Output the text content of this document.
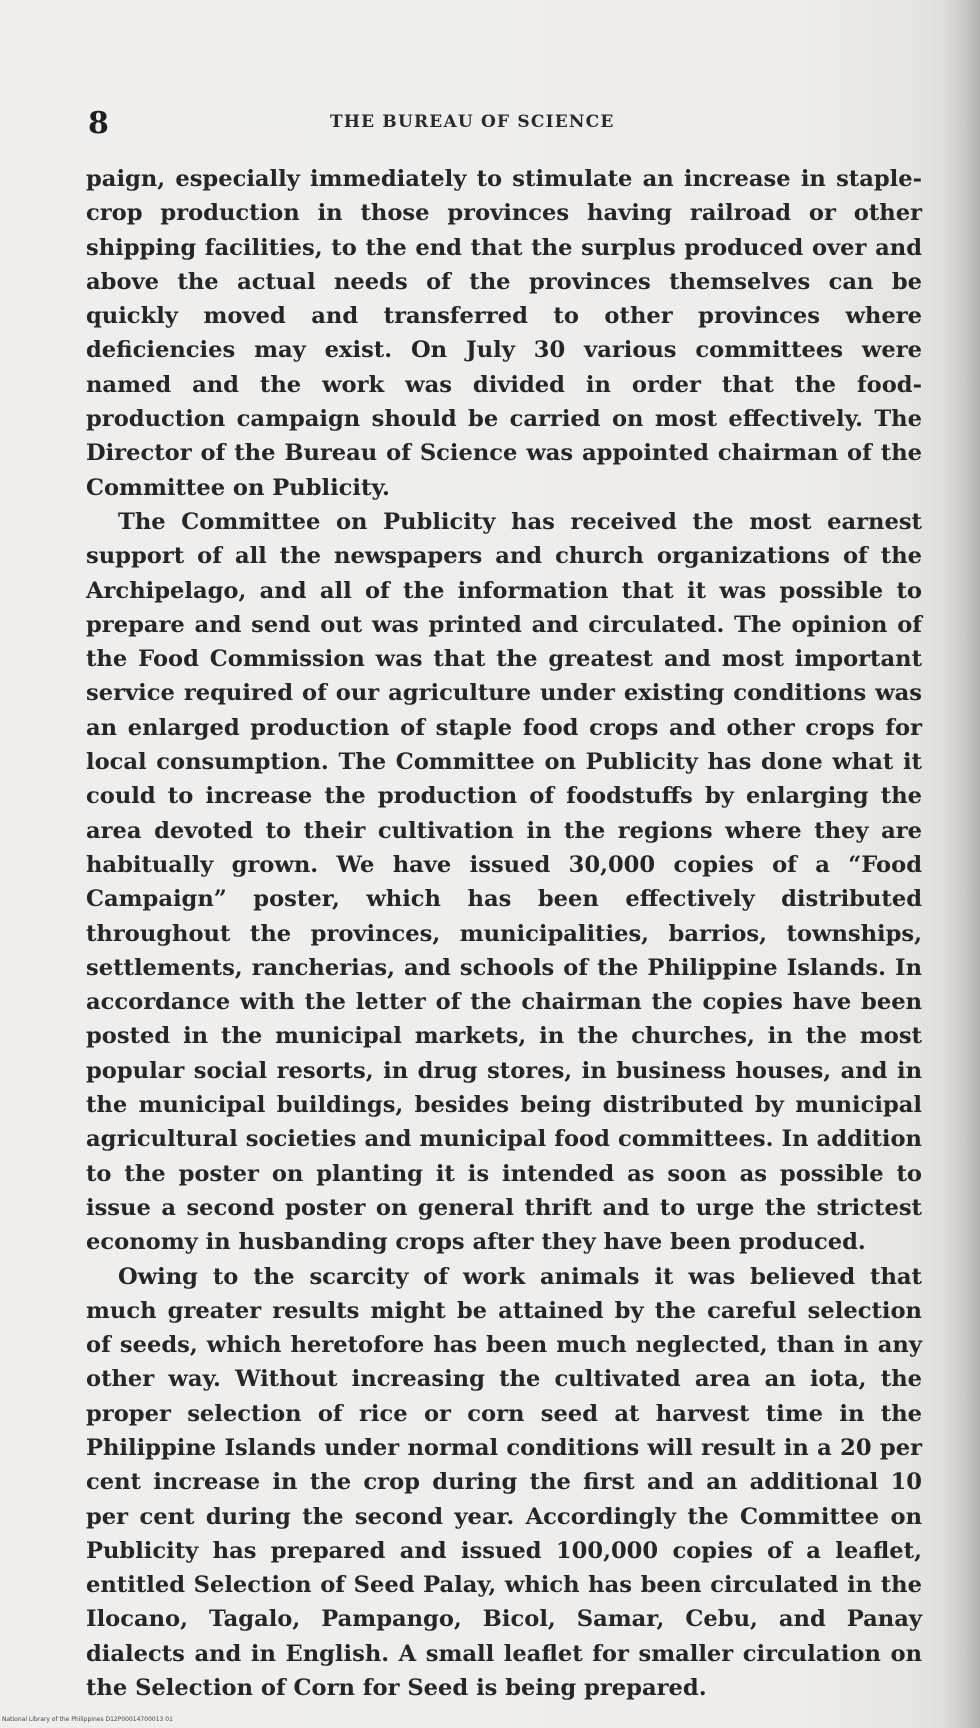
8	THE BUREAU OF SCIENCE

paign, especially immediately to stimulate an increase in staple-crop production in those provinces having railroad or other shipping facilities, to the end that the surplus produced over and above the actual needs of the provinces themselves can be quickly moved and transferred to other provinces where deficiencies may exist. On July 30 various committees were named and the work was divided in order that the food-production campaign should be carried on most effectively. The Director of the Bureau of Science was appointed chairman of the Committee on Publicity.

The Committee on Publicity has received the most earnest support of all the newspapers and church organizations of the Archipelago, and all of the information that it was possible to prepare and send out was printed and circulated. The opinion of the Food Commission was that the greatest and most important service required of our agriculture under existing conditions was an enlarged production of staple food crops and other crops for local consumption. The Committee on Publicity has done what it could to increase the production of foodstuffs by enlarging the area devoted to their cultivation in the regions where they are habitually grown. We have issued 30,000 copies of a “Food Campaign” poster, which has been effectively distributed throughout the provinces, municipalities, barrios, townships, settlements, rancherias, and schools of the Philippine Islands. In accordance with the letter of the chairman the copies have been posted in the municipal markets, in the churches, in the most popular social resorts, in drug stores, in business houses, and in the municipal buildings, besides being distributed by municipal agricultural societies and municipal food committees. In addition to the poster on planting it is intended as soon as possible to issue a second poster on general thrift and to urge the strictest economy in husbanding crops after they have been produced.

Owing to the scarcity of work animals it was believed that much greater results might be attained by the careful selection of seeds, which heretofore has been much neglected, than in any other way. Without increasing the cultivated area an iota, the proper selection of rice or corn seed at harvest time in the Philippine Islands under normal conditions will result in a 20 per cent increase in the crop during the first and an additional 10 per cent during the second year. Accordingly the Committee on Publicity has prepared and issued 100,000 copies of a leaflet, entitled Selection of Seed Palay, which has been circulated in the Ilocano, Tagalo, Pampango, Bicol, Samar, Cebu, and Panay dialects and in English. A small leaflet for smaller circulation on the Selection of Corn for Seed is being prepared.

National Library of the Philippines D12P00014700013 01
